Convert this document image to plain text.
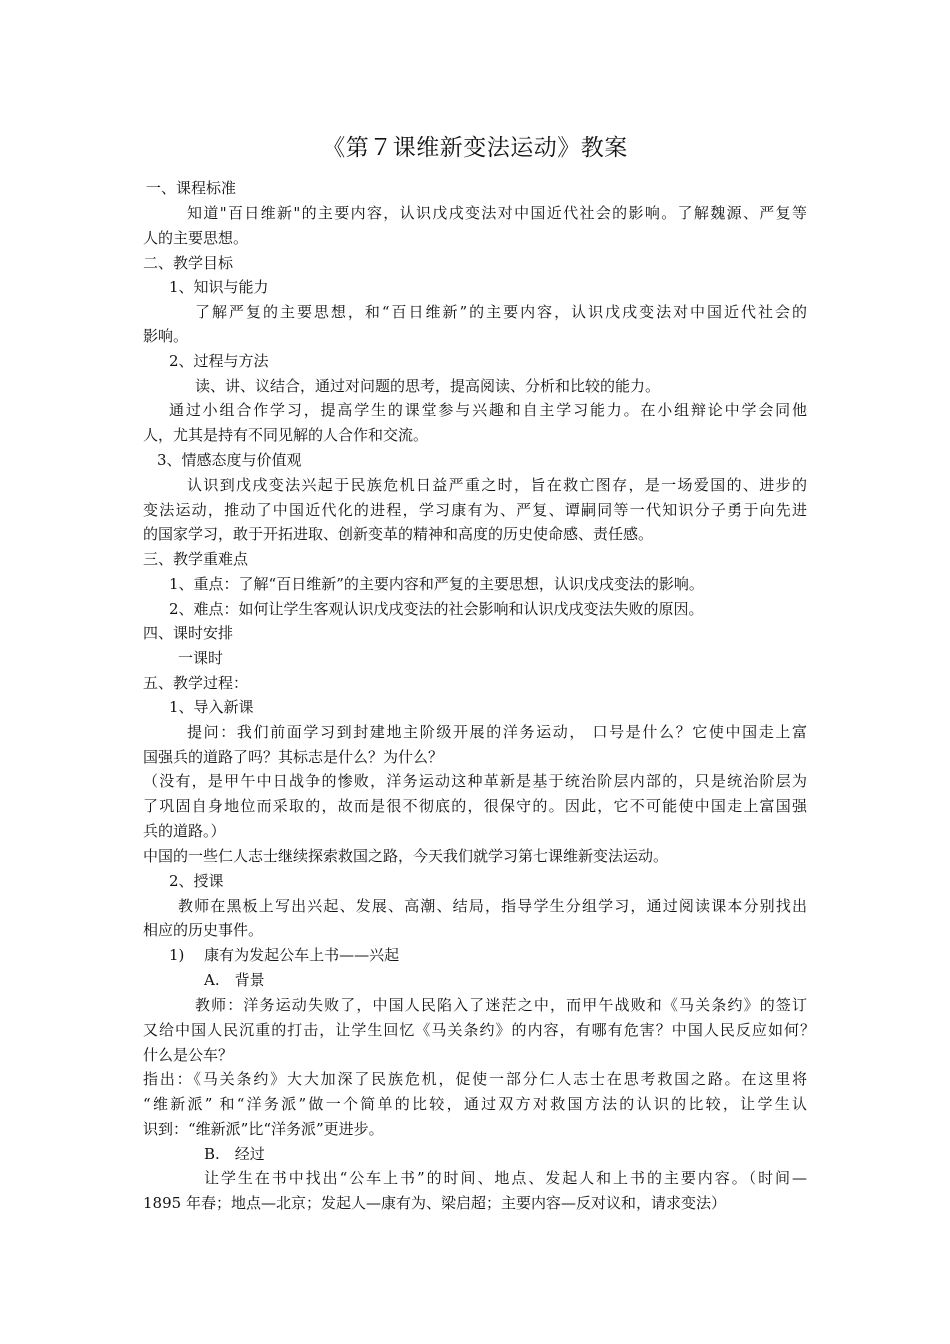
《第７课维新变法运动》教案
一、课程标准
知道"百日维新"的主要内容，认识戊戌变法对中国近代社会的影响。了解魏源、严复等
人的主要思想。
二、教学目标
1、知识与能力
了解严复的主要思想，和“百日维新”的主要内容，认识戊戌变法对中国近代社会的
影响。
2、过程与方法
读、讲、议结合，通过对问题的思考，提高阅读、分析和比较的能力。
通过小组合作学习，提高学生的课堂参与兴趣和自主学习能力。在小组辩论中学会同他
人，尤其是持有不同见解的人合作和交流。
3、情感态度与价值观
认识到戊戌变法兴起于民族危机日益严重之时，旨在救亡图存，是一场爱国的、进步的
变法运动，推动了中国近代化的进程，学习康有为、严复、谭嗣同等一代知识分子勇于向先进
的国家学习，敢于开拓进取、创新变革的精神和高度的历史使命感、责任感。
三、教学重难点
1、重点：了解“百日维新”的主要内容和严复的主要思想，认识戊戌变法的影响。
2、难点：如何让学生客观认识戊戌变法的社会影响和认识戊戌变法失败的原因。
四、课时安排
一课时
五、教学过程：
1、导入新课
提问：我们前面学习到封建地主阶级开展的洋务运动， 口号是什么？它使中国走上富
国强兵的道路了吗？其标志是什么？为什么？
（没有，是甲午中日战争的惨败，洋务运动这种革新是基于统治阶层内部的，只是统治阶层为
了巩固自身地位而采取的，故而是很不彻底的，很保守的。因此，它不可能使中国走上富国强
兵的道路。）
中国的一些仁人志士继续探索救国之路，今天我们就学习第七课维新变法运动。
2、授课
教师在黑板上写出兴起、发展、高潮、结局，指导学生分组学习，通过阅读课本分别找出
相应的历史事件。
1)　 康有为发起公车上书——兴起
A.　背景
教师：洋务运动失败了，中国人民陷入了迷茫之中，而甲午战败和《马关条约》的签订
又给中国人民沉重的打击，让学生回忆《马关条约》的内容，有哪有危害？中国人民反应如何？
什么是公车？
指出：《马关条约》大大加深了民族危机，促使一部分仁人志士在思考救国之路。在这里将
“维新派” 和“洋务派”做一个简单的比较，通过双方对救国方法的认识的比较，让学生认
识到：“维新派”比“洋务派”更进步。
B.　经过
让学生在书中找出“公车上书”的时间、地点、发起人和上书的主要内容。（时间—
1895 年春；地点—北京；发起人—康有为、梁启超；主要内容—反对议和，请求变法）
